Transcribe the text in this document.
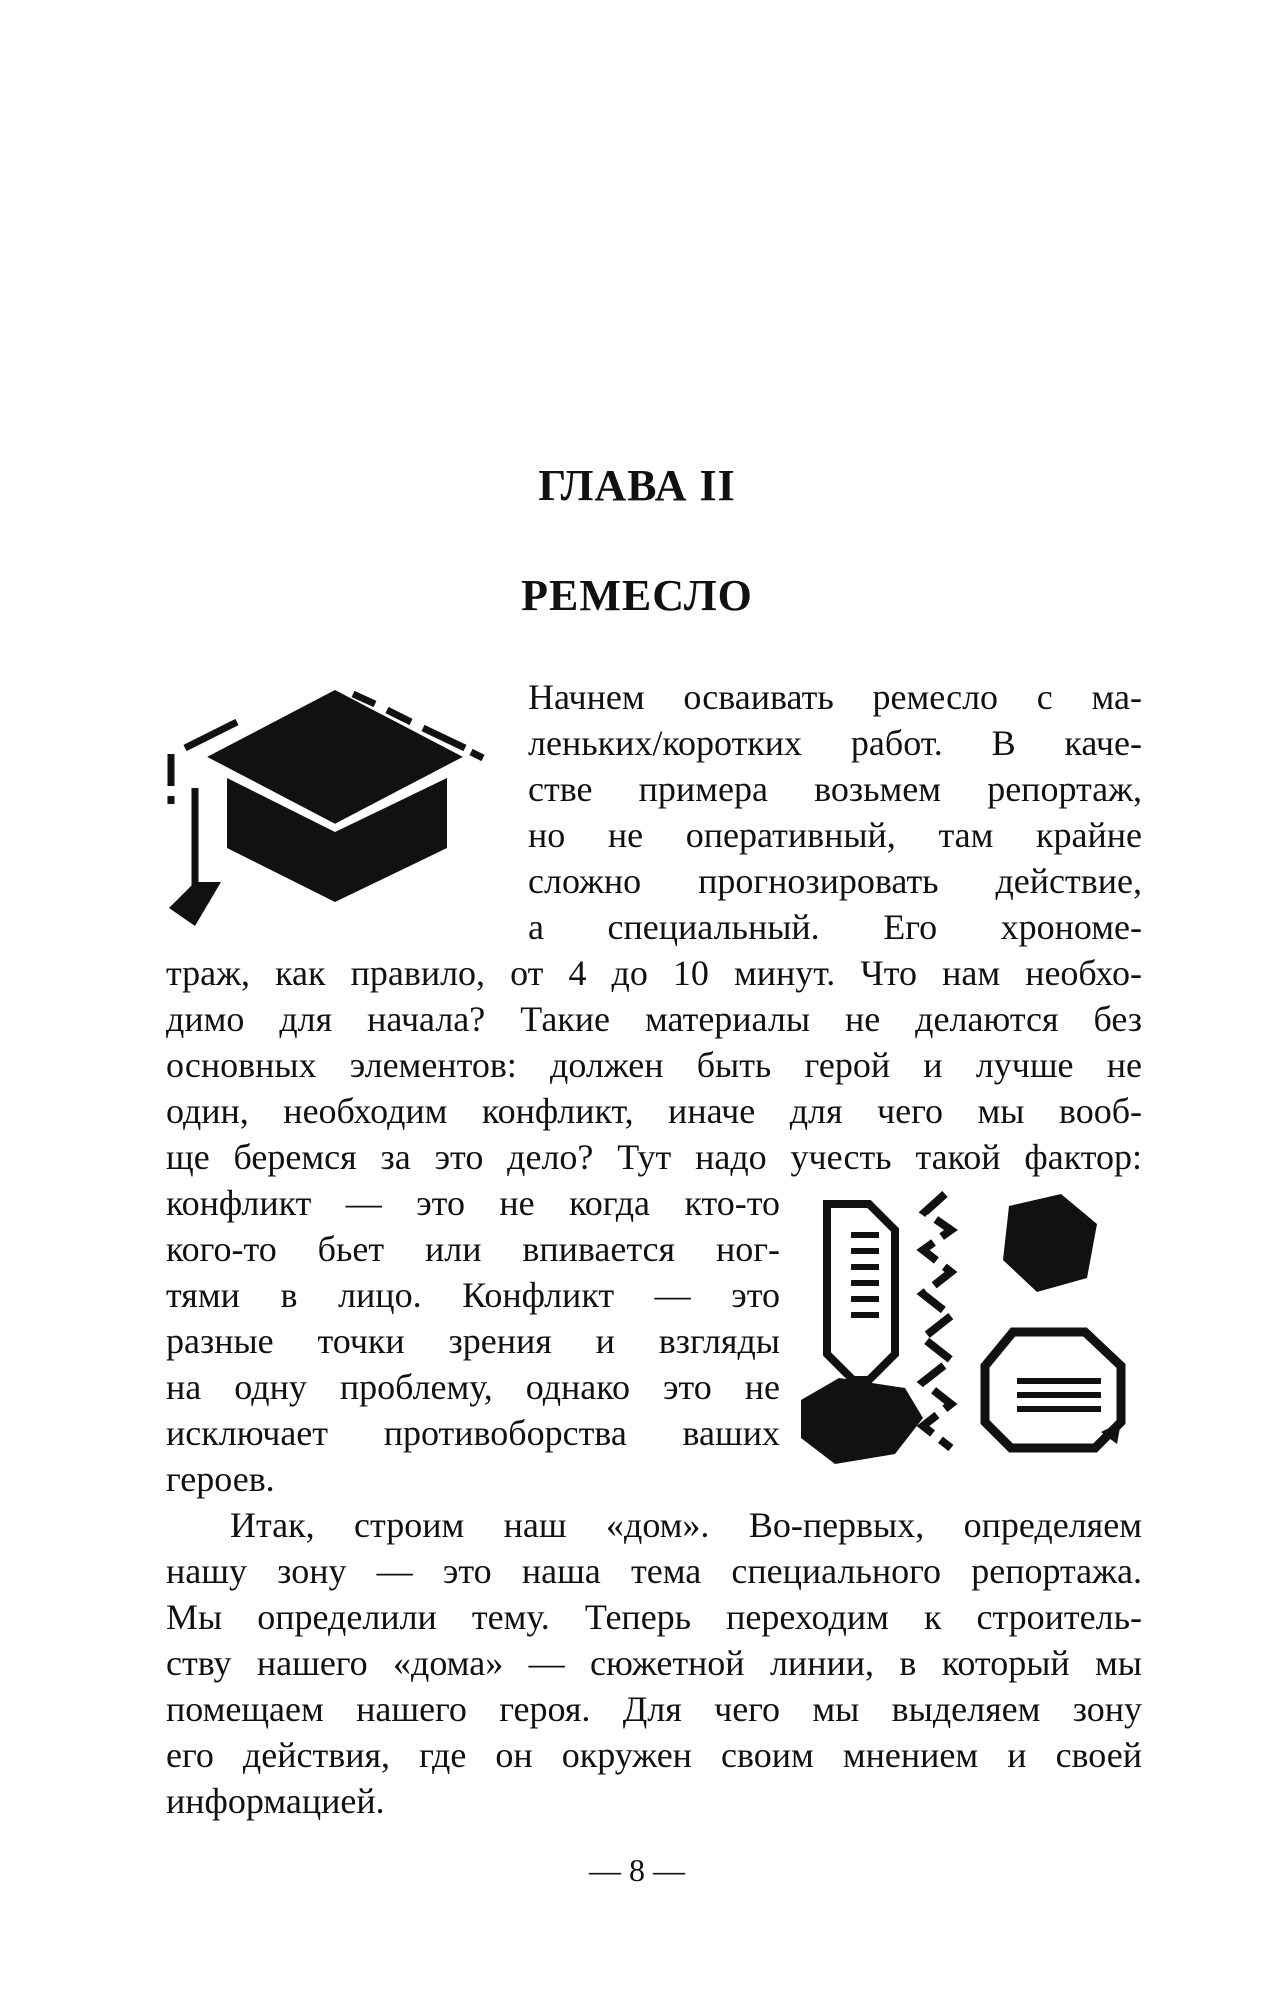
ГЛАВА II
РЕМЕСЛО
Начнем осваивать ремесло с ма-
леньких/коротких работ. В каче-
стве примера возьмем репортаж,
но не оперативный, там крайне
сложно прогнозировать действие,
а специальный. Его хрономе-
траж, как правило, от 4 до 10 минут. Что нам необхо-
димо для начала? Такие материалы не делаются без
основных элементов: должен быть герой и лучше не
один, необходим конфликт, иначе для чего мы вооб-
ще беремся за это дело? Тут надо учесть такой фактор:
конфликт — это не когда кто-то
кого-то бьет или впивается ног-
тями в лицо. Конфликт — это
разные точки зрения и взгляды
на одну проблему, однако это не
исключает противоборства ваших
героев.
Итак, строим наш «дом». Во-первых, определяем
нашу зону — это наша тема специального репортажа.
Мы определили тему. Теперь переходим к строитель-
ству нашего «дома» — сюжетной линии, в который мы
помещаем нашего героя. Для чего мы выделяем зону
его действия, где он окружен своим мнением и своей
информацией.
— 8 —
